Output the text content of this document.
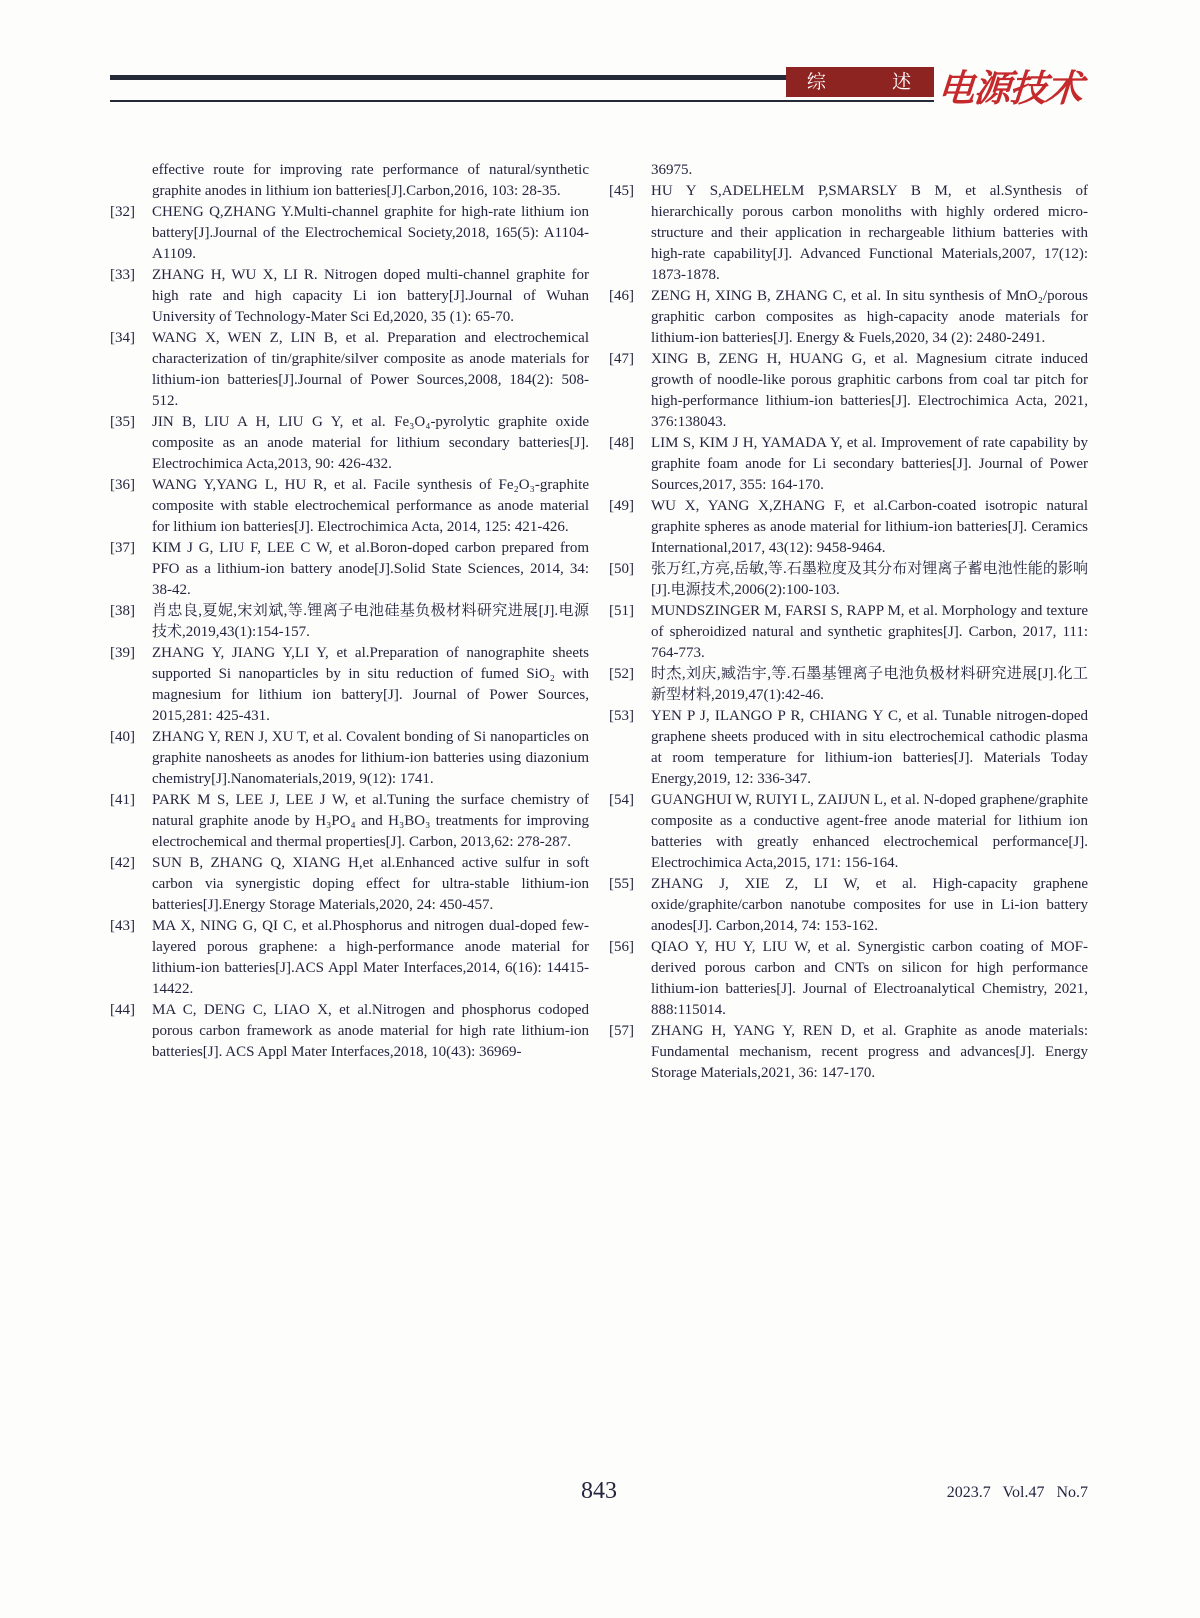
综        述 电源技术
effective route for improving rate performance of natural/synthetic graphite anodes in lithium ion batteries[J].Carbon,2016, 103: 28-35.
[32] CHENG Q,ZHANG Y.Multi-channel graphite for high-rate lithium ion battery[J].Journal of the Electrochemical Society,2018, 165(5): A1104-A1109.
[33] ZHANG H, WU X, LI R. Nitrogen doped multi-channel graphite for high rate and high capacity Li ion battery[J].Journal of Wuhan University of Technology-Mater Sci Ed,2020, 35 (1): 65-70.
[34] WANG X, WEN Z, LIN B, et al. Preparation and electrochemical characterization of tin/graphite/silver composite as anode materials for lithium-ion batteries[J].Journal of Power Sources,2008, 184(2): 508-512.
[35] JIN B, LIU A H, LIU G Y, et al. Fe₃O₄-pyrolytic graphite oxide composite as an anode material for lithium secondary batteries[J]. Electrochimica Acta,2013, 90: 426-432.
[36] WANG Y,YANG L, HU R, et al. Facile synthesis of Fe₂O₃-graphite composite with stable electrochemical performance as anode material for lithium ion batteries[J]. Electrochimica Acta, 2014, 125: 421-426.
[37] KIM J G, LIU F, LEE C W, et al.Boron-doped carbon prepared from PFO as a lithium-ion battery anode[J].Solid State Sciences, 2014, 34: 38-42.
[38] 肖忠良,夏妮,宋刘斌,等.锂离子电池硅基负极材料研究进展[J].电源技术,2019,43(1):154-157.
[39] ZHANG Y, JIANG Y,LI Y, et al.Preparation of nanographite sheets supported Si nanoparticles by in situ reduction of fumed SiO₂ with magnesium for lithium ion battery[J]. Journal of Power Sources, 2015,281: 425-431.
[40] ZHANG Y, REN J, XU T, et al. Covalent bonding of Si nanoparticles on graphite nanosheets as anodes for lithium-ion batteries using diazonium chemistry[J].Nanomaterials,2019, 9(12): 1741.
[41] PARK M S, LEE J, LEE J W, et al.Tuning the surface chemistry of natural graphite anode by H₃PO₄ and H₃BO₃ treatments for improving electrochemical and thermal properties[J]. Carbon, 2013,62: 278-287.
[42] SUN B, ZHANG Q, XIANG H,et al.Enhanced active sulfur in soft carbon via synergistic doping effect for ultra-stable lithium-ion batteries[J].Energy Storage Materials,2020, 24: 450-457.
[43] MA X, NING G, QI C, et al.Phosphorus and nitrogen dual-doped few-layered porous graphene: a high-performance anode material for lithium-ion batteries[J].ACS Appl Mater Interfaces,2014, 6(16): 14415-14422.
[44] MA C, DENG C, LIAO X, et al.Nitrogen and phosphorus codoped porous carbon framework as anode material for high rate lithium-ion batteries[J]. ACS Appl Mater Interfaces,2018, 10(43): 36969-
36975.
[45] HU Y S,ADELHELM P,SMARSLY B M, et al.Synthesis of hierarchically porous carbon monoliths with highly ordered micro-structure and their application in rechargeable lithium batteries with high-rate capability[J]. Advanced Functional Materials,2007, 17(12): 1873-1878.
[46] ZENG H, XING B, ZHANG C, et al. In situ synthesis of MnO₂/porous graphitic carbon composites as high-capacity anode materials for lithium-ion batteries[J]. Energy & Fuels,2020, 34 (2): 2480-2491.
[47] XING B, ZENG H, HUANG G, et al. Magnesium citrate induced growth of noodle-like porous graphitic carbons from coal tar pitch for high-performance lithium-ion batteries[J]. Electrochimica Acta, 2021, 376:138043.
[48] LIM S, KIM J H, YAMADA Y, et al. Improvement of rate capability by graphite foam anode for Li secondary batteries[J]. Journal of Power Sources,2017, 355: 164-170.
[49] WU X, YANG X,ZHANG F, et al.Carbon-coated isotropic natural graphite spheres as anode material for lithium-ion batteries[J]. Ceramics International,2017, 43(12): 9458-9464.
[50] 张万红,方亮,岳敏,等.石墨粒度及其分布对锂离子蓄电池性能的影响[J].电源技术,2006(2):100-103.
[51] MUNDSZINGER M, FARSI S, RAPP M, et al. Morphology and texture of spheroidized natural and synthetic graphites[J]. Carbon, 2017, 111: 764-773.
[52] 时杰,刘庆,臧浩宇,等.石墨基锂离子电池负极材料研究进展[J].化工新型材料,2019,47(1):42-46.
[53] YEN P J, ILANGO P R, CHIANG Y C, et al. Tunable nitrogen-doped graphene sheets produced with in situ electrochemical cathodic plasma at room temperature for lithium-ion batteries[J]. Materials Today Energy,2019, 12: 336-347.
[54] GUANGHUI W, RUIYI L, ZAIJUN L, et al. N-doped graphene/graphite composite as a conductive agent-free anode material for lithium ion batteries with greatly enhanced electrochemical performance[J]. Electrochimica Acta,2015, 171: 156-164.
[55] ZHANG J, XIE Z, LI W, et al. High-capacity graphene oxide/graphite/carbon nanotube composites for use in Li-ion battery anodes[J]. Carbon,2014, 74: 153-162.
[56] QIAO Y, HU Y, LIU W, et al. Synergistic carbon coating of MOF-derived porous carbon and CNTs on silicon for high performance lithium-ion batteries[J]. Journal of Electroanalytical Chemistry, 2021, 888:115014.
[57] ZHANG H, YANG Y, REN D, et al. Graphite as anode materials: Fundamental mechanism, recent progress and advances[J]. Energy Storage Materials,2021, 36: 147-170.
843	2023.7   Vol.47   No.7
